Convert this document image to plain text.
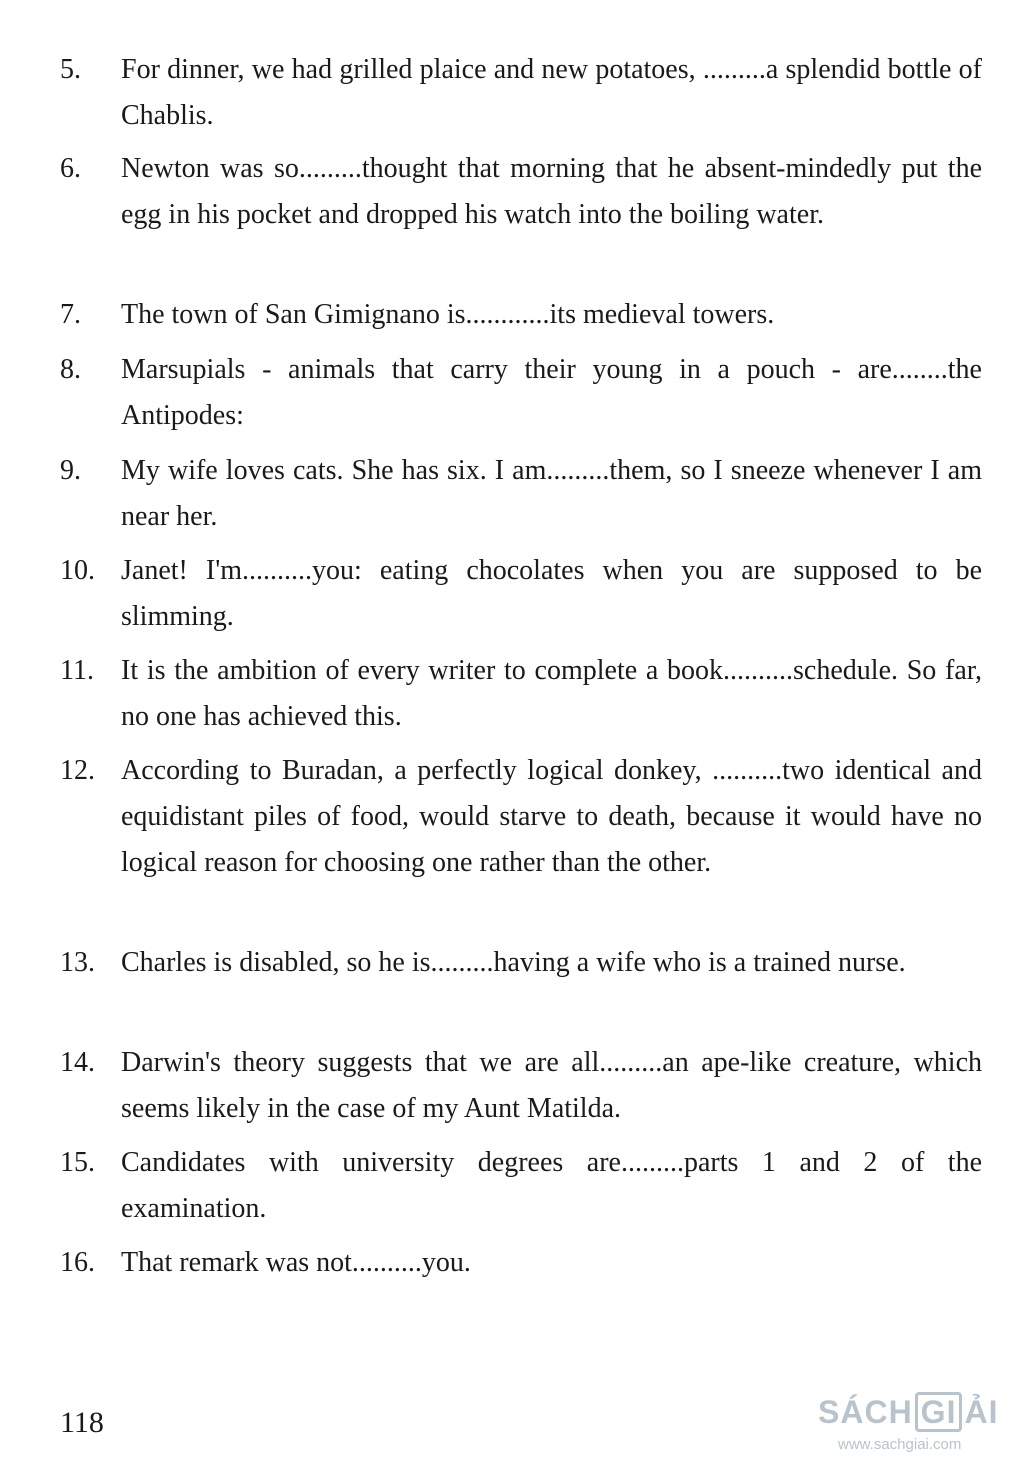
5.	For dinner, we had grilled plaice and new potatoes, .........a splendid bottle of Chablis.
6.	Newton was so.........thought that morning that he absent-mindedly put the egg in his pocket and dropped his watch into the boiling water.
7.	The town of San Gimignano is............its medieval towers.
8.	Marsupials - animals that carry their young in a pouch - are........the Antipodes:
9.	My wife loves cats. She has six. I am.........them, so I sneeze whenever I am near her.
10. Janet! I'm..........you: eating chocolates when you are supposed to be slimming.
11. It is the ambition of every writer to complete a book..........schedule. So far, no one has achieved this.
12. According to Buradan, a perfectly logical donkey, ..........two identical and equidistant piles of food, would starve to death, because it would have no logical reason for choosing one rather than the other.
13. Charles is disabled, so he is.........having a wife who is a trained nurse.
14. Darwin's theory suggests that we are all.........an ape-like creature, which seems likely in the case of my Aunt Matilda.
15. Candidates with university degrees are.........parts 1 and 2 of the examination.
16. That remark was not..........you.
118	SÁCH GI ẢI
www.sachgiai.com
